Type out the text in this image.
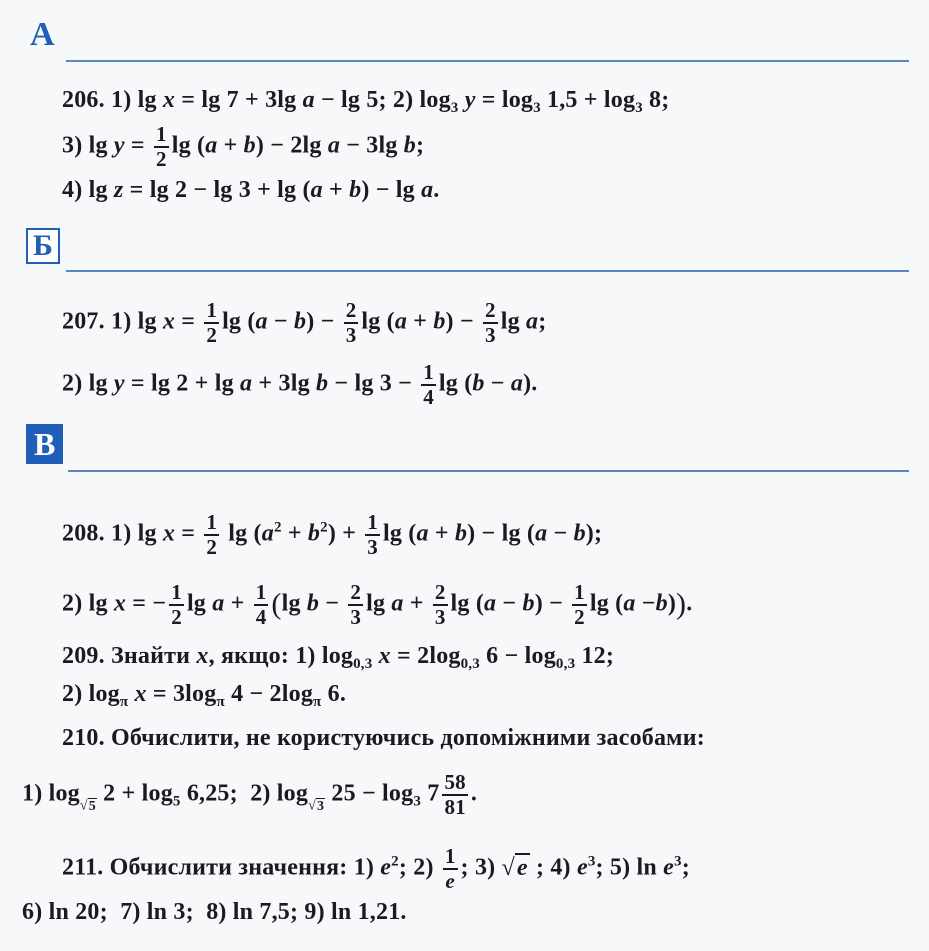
А
206. 1) lg x = lg 7 + 3lg a − lg 5; 2) $\log_3 y = \log_3 1,5 + \log_3 8$;
3) $\lg y = \frac{1}{2}$ lg (a + b) − 2lg a − 3lg b;
4) lg z = lg 2 − lg 3 + lg (a + b) − lg a.
Б
207. 1) $\lg x = \frac{1}{2}$ $\lg (a - b) - \frac{2}{3}$ $\lg (a + b) - \frac{2}{3}$ lg a;
2) lg y = lg 2 + lg a + 3lg $b - \lg 3 - \frac{1}{4}$ lg (b − a).
В
208. 1) $\lg x = \frac{1}{2}$ $\lg (a^2 + b^2) + \frac{1}{3}$ lg (a + b) − lg (a − b);
2) lg x = − $\frac{1}{2}$ $\lg a + \frac{1}{4} (\lg$ $b - \frac{2}{3}$ $\lg a + \frac{2}{3}$ $\lg (a - b) - \frac{1}{2}$ lg (a −b)).
209. Знайти x, якщо: 1) $\log_{0,3} x = 2\log_{0,3}$ $6 - \log_{0,3} 12$;
2) $\log_\pi x = 3\log_\pi$ $4 - 2\log_\pi$ 6.
210. Обчислити, не користуючись допоміжними засобами:
1) $\log_{√5} 2 + \log_5 6,25$;  2) $\log_{√3} 25 - \log_3 7 \frac{58}{81}$ .
211. Обчислити значення: 1) $e^2$; $2) \frac{1}{e}$ ; 3) √e ; 4) $e^3$; 5) $\ln e^3$;
6) ln 20;  7) ln 3;  8) ln 7,5; 9) ln 1,21.
